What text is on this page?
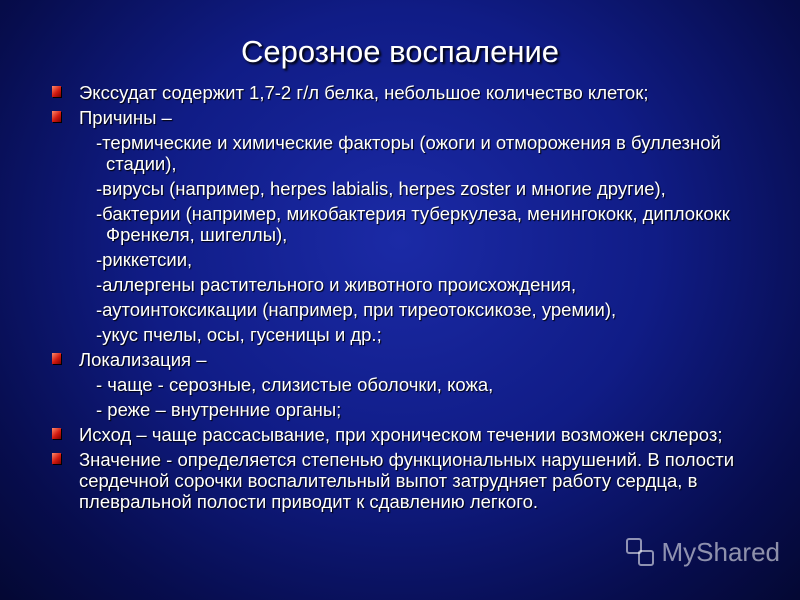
Серозное воспаление
Экссудат содержит 1,7-2 г/л белка, небольшое количество клеток;
Причины –
-термические и химические факторы (ожоги и отморожения в буллезной стадии),
-вирусы (например, herpes labialis, herpes zoster и многие другие),
-бактерии (например, микобактерия туберкулеза, менингококк, диплококк Френкеля, шигеллы),
-риккетсии,
-аллергены растительного и животного происхождения,
-аутоинтоксикации (например, при тиреотоксикозе, уремии),
-укус пчелы, осы, гусеницы и др.;
Локализация –
- чаще - серозные, слизистые оболочки, кожа,
- реже – внутренние органы;
Исход – чаще рассасывание, при хроническом течении возможен склероз;
Значение - определяется степенью функциональных нарушений. В полости сердечной сорочки воспалительный выпот затрудняет работу сердца, в плевральной полости приводит к сдавлению легкого.
MyShared
